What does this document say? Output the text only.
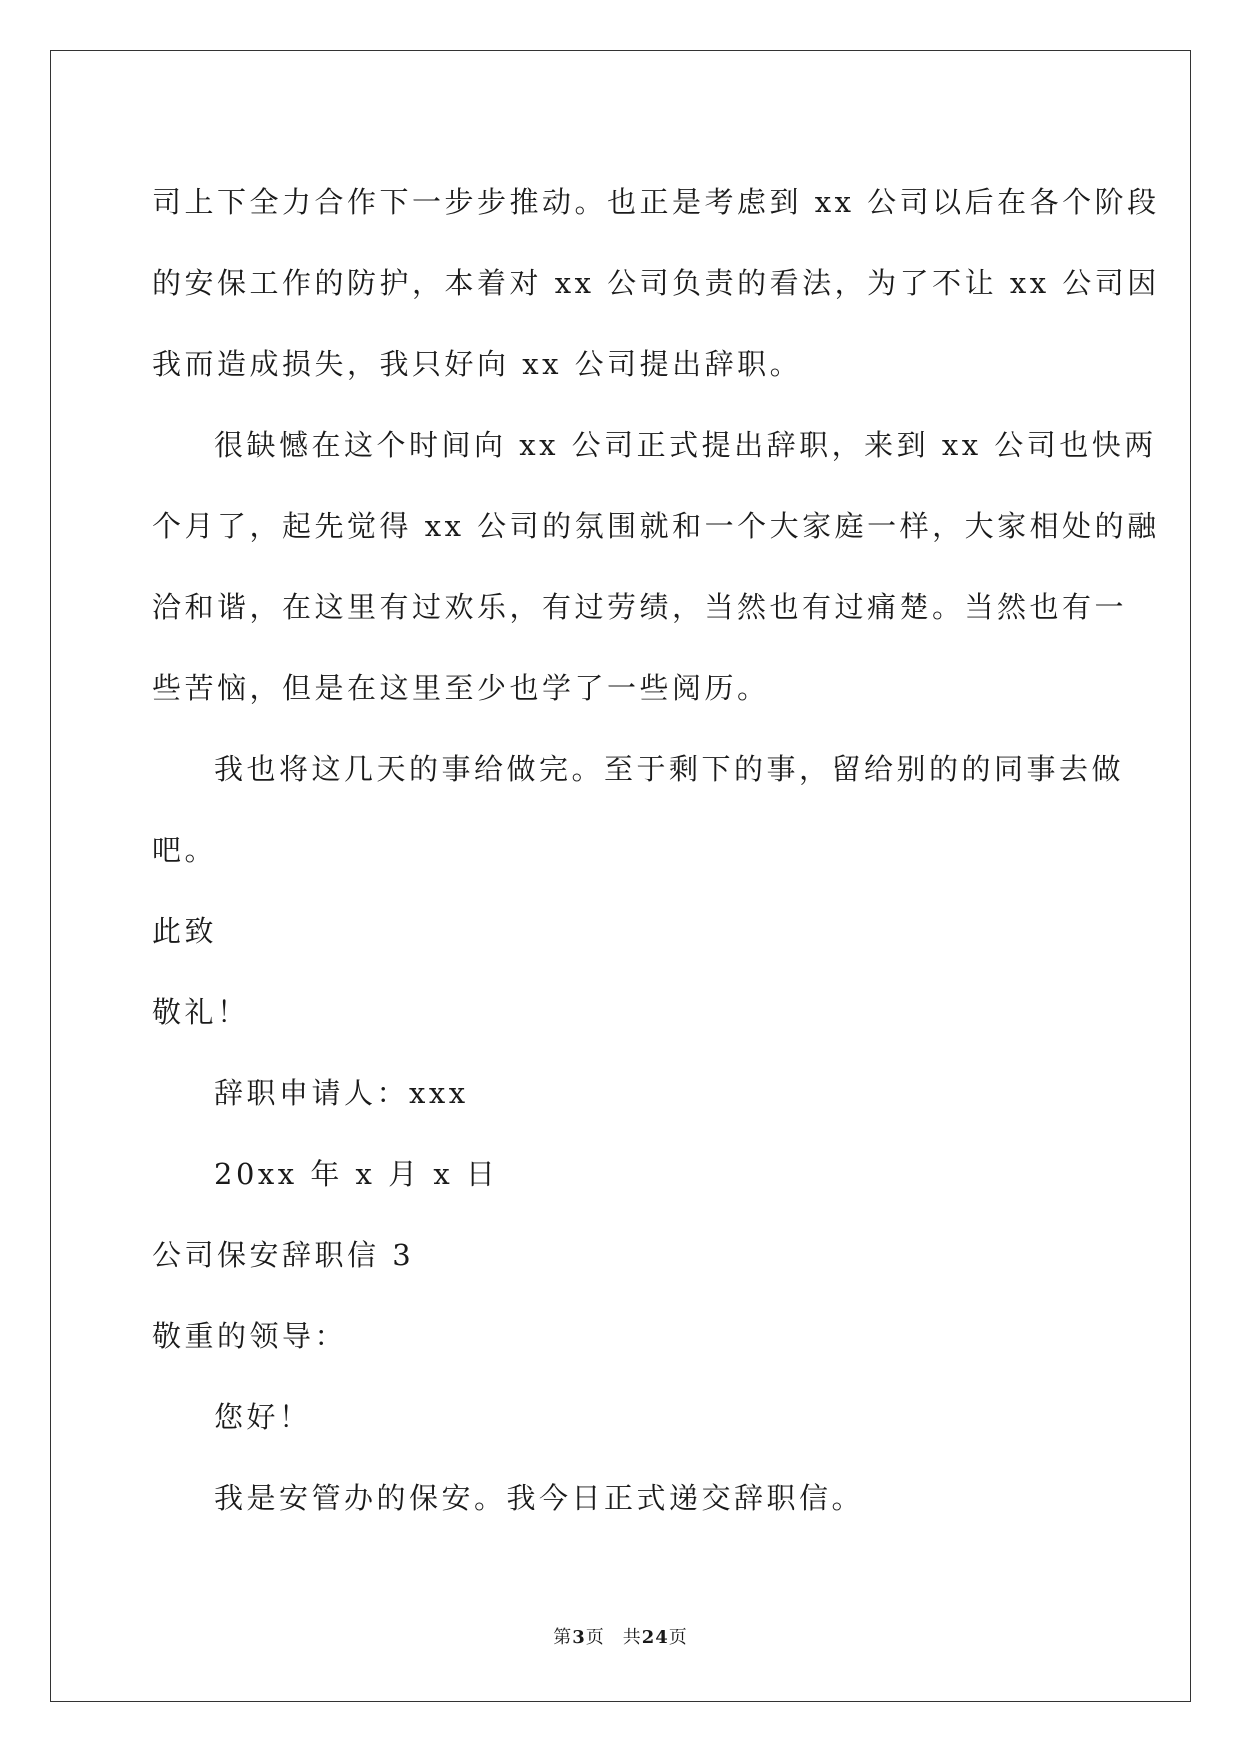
司上下全力合作下一步步推动。也正是考虑到 xx 公司以后在各个阶段
的安保工作的防护，本着对 xx 公司负责的看法，为了不让 xx 公司因
我而造成损失，我只好向 xx 公司提出辞职。
很缺憾在这个时间向 xx 公司正式提出辞职，来到 xx 公司也快两
个月了，起先觉得 xx 公司的氛围就和一个大家庭一样，大家相处的融
洽和谐，在这里有过欢乐，有过劳绩，当然也有过痛楚。当然也有一
些苦恼，但是在这里至少也学了一些阅历。
我也将这几天的事给做完。至于剩下的事，留给别的的同事去做
吧。
此致
敬礼！
辞职申请人：xxx
20xx 年 x 月 x 日
公司保安辞职信 3
敬重的领导：
您好！
我是安管办的保安。我今日正式递交辞职信。
第3页 共24页
